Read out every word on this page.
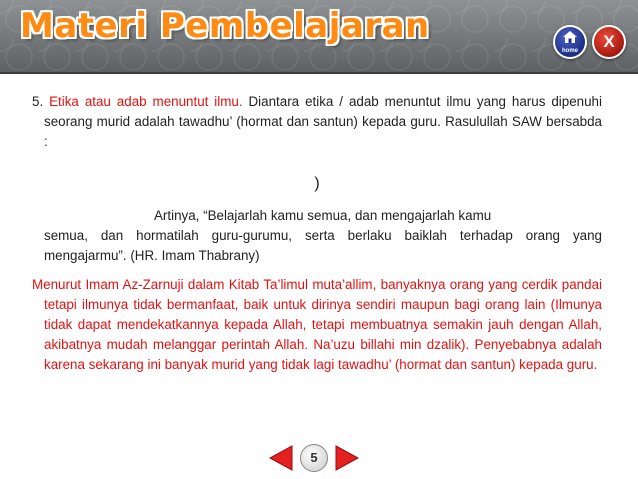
Materi Pembelajaran
home	X

5. Etika atau adab menuntut ilmu. Diantara etika / adab menuntut ilmu yang harus dipenuhi seorang murid adalah tawadhu’ (hormat dan santun) kepada guru. Rasulullah SAW bersabda :

)
Artinya, “Belajarlah kamu semua, dan mengajarlah kamu
semua, dan hormatilah guru-gurumu, serta berlaku baiklah terhadap orang yang mengajarmu”. (HR. Imam Thabrany)

Menurut Imam Az-Zarnuji dalam Kitab Ta’limul muta’allim, banyaknya orang yang cerdik pandai tetapi ilmunya tidak bermanfaat, baik untuk dirinya sendiri maupun bagi orang lain (Ilmunya tidak dapat mendekatkannya kepada Allah, tetapi membuatnya semakin jauh dengan Allah, akibatnya mudah melanggar perintah Allah. Na’uzu billahi min dzalik). Penyebabnya adalah karena sekarang ini banyak murid yang tidak lagi tawadhu’ (hormat dan santun) kepada guru.

5
